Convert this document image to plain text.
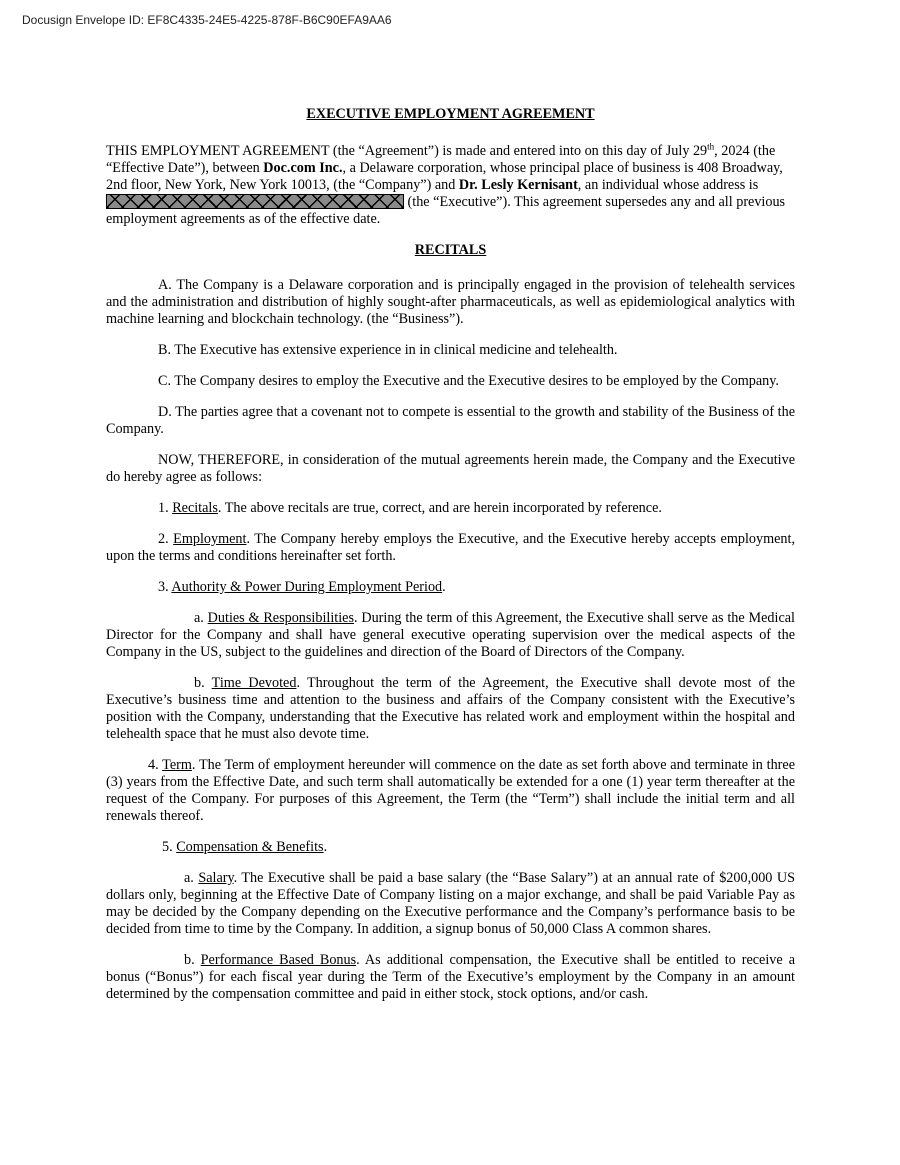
Docusign Envelope ID: EF8C4335-24E5-4225-878F-B6C90EFA9AA6
EXECUTIVE EMPLOYMENT AGREEMENT

THIS EMPLOYMENT AGREEMENT (the “Agreement”) is made and entered into on this day of July 29th, 2024 (the “Effective Date”), between Doc.com Inc., a Delaware corporation, whose principal place of business is 408 Broadway, 2nd floor, New York, New York 10013, (the “Company”) and Dr. Lesly Kernisant, an individual whose address is  (the “Executive”). This agreement supersedes any and all previous employment agreements as of the effective date.

RECITALS

A. The Company is a Delaware corporation and is principally engaged in the provision of telehealth services and the administration and distribution of highly sought-after pharmaceuticals, as well as epidemiological analytics with machine learning and blockchain technology. (the “Business”).

B. The Executive has extensive experience in in clinical medicine and telehealth.

C. The Company desires to employ the Executive and the Executive desires to be employed by the Company.

D. The parties agree that a covenant not to compete is essential to the growth and stability of the Business of the Company.

NOW, THEREFORE, in consideration of the mutual agreements herein made, the Company and the Executive do hereby agree as follows:

1. Recitals. The above recitals are true, correct, and are herein incorporated by reference.

2. Employment. The Company hereby employs the Executive, and the Executive hereby accepts employment, upon the terms and conditions hereinafter set forth.

3. Authority & Power During Employment Period.

a. Duties & Responsibilities. During the term of this Agreement, the Executive shall serve as the Medical Director for the Company and shall have general executive operating supervision over the medical aspects of the Company in the US, subject to the guidelines and direction of the Board of Directors of the Company.

b. Time Devoted. Throughout the term of the Agreement, the Executive shall devote most of the Executive’s business time and attention to the business and affairs of the Company consistent with the Executive’s position with the Company, understanding that the Executive has related work and employment within the hospital and telehealth space that he must also devote time.

4. Term. The Term of employment hereunder will commence on the date as set forth above and terminate in three (3) years from the Effective Date, and such term shall automatically be extended for a one (1) year term thereafter at the request of the Company. For purposes of this Agreement, the Term (the “Term”) shall include the initial term and all renewals thereof.

5. Compensation & Benefits.

a. Salary. The Executive shall be paid a base salary (the “Base Salary”) at an annual rate of $200,000 US dollars only, beginning at the Effective Date of Company listing on a major exchange, and shall be paid Variable Pay as may be decided by the Company depending on the Executive performance and the Company’s performance basis to be decided from time to time by the Company. In addition, a signup bonus of 50,000 Class A common shares.

b. Performance Based Bonus. As additional compensation, the Executive shall be entitled to receive a bonus (“Bonus”) for each fiscal year during the Term of the Executive’s employment by the Company in an amount determined by the compensation committee and paid in either stock, stock options, and/or cash.
